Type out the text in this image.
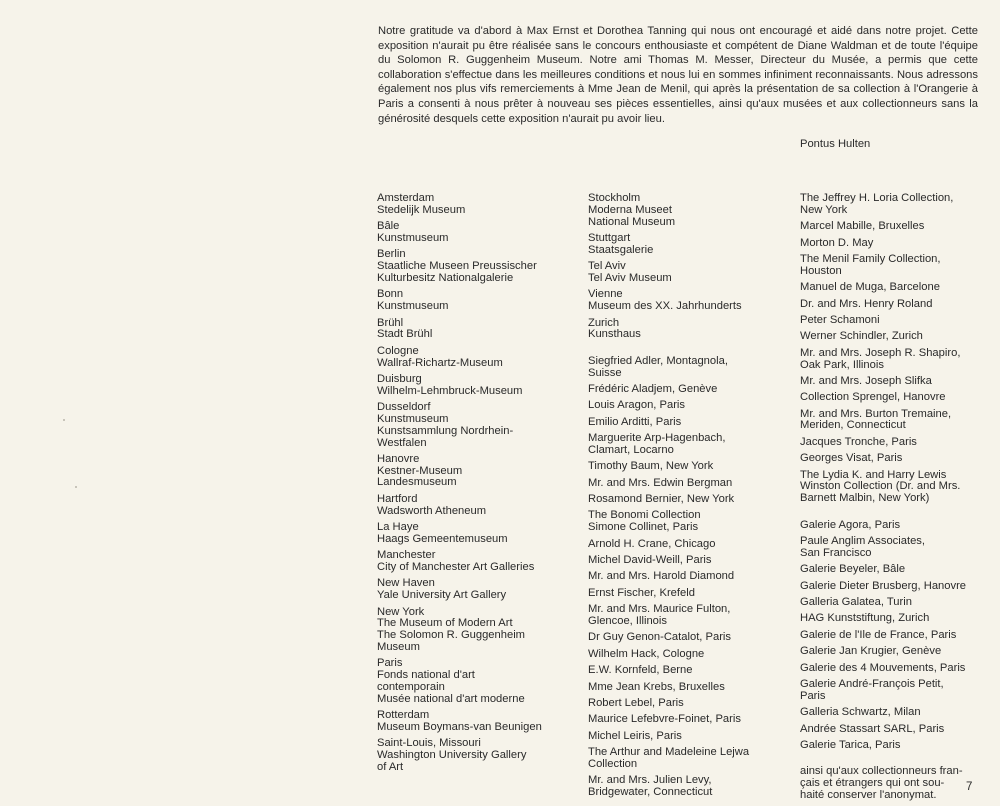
Notre gratitude va d'abord à Max Ernst et Dorothea Tanning qui nous ont encouragé et aidé dans notre projet. Cette exposition n'aurait pu être réalisée sans le concours enthousiaste et compétent de Diane Waldman et de toute l'équipe du Solomon R. Guggenheim Museum. Notre ami Thomas M. Messer, Directeur du Musée, a permis que cette collaboration s'effectue dans les meilleures conditions et nous lui en sommes infiniment reconnaissants. Nous adressons également nos plus vifs remerciements à Mme Jean de Menil, qui après la présentation de sa collection à l'Orangerie à Paris a consenti à nous prêter à nouveau ses pièces essentielles, ainsi qu'aux musées et aux collectionneurs sans la générosité desquels cette exposition n'aurait pu avoir lieu.

Pontus Hulten
Amsterdam
Stedelijk Museum
Bâle
Kunstmuseum
Berlin
Staatliche Museen Preussischer
Kulturbesitz Nationalgalerie
Bonn
Kunstmuseum
Brühl
Stadt Brühl
Cologne
Wallraf-Richartz-Museum
Duisburg
Wilhelm-Lehmbruck-Museum
Dusseldorf
Kunstmuseum
Kunstsammlung Nordrhein-
Westfalen
Hanovre
Kestner-Museum
Landesmuseum
Hartford
Wadsworth Atheneum
La Haye
Haags Gemeentemuseum
Manchester
City of Manchester Art Galleries
New Haven
Yale University Art Gallery
New York
The Museum of Modern Art
The Solomon R. Guggenheim
Museum
Paris
Fonds national d'art
contemporain
Musée national d'art moderne
Rotterdam
Museum Boymans-van Beunigen
Saint-Louis, Missouri
Washington University Gallery
of Art
Stockholm
Moderna Museet
National Museum
Stuttgart
Staatsgalerie
Tel Aviv
Tel Aviv Museum
Vienne
Museum des XX. Jahrhunderts
Zurich
Kunsthaus
Siegfried Adler, Montagnola,
Suisse
Frédéric Aladjem, Genève
Louis Aragon, Paris
Emilio Arditti, Paris
Marguerite Arp-Hagenbach,
Clamart, Locarno
Timothy Baum, New York
Mr. and Mrs. Edwin Bergman
Rosamond Bernier, New York
The Bonomi Collection
Simone Collinet, Paris
Arnold H. Crane, Chicago
Michel David-Weill, Paris
Mr. and Mrs. Harold Diamond
Ernst Fischer, Krefeld
Mr. and Mrs. Maurice Fulton,
Glencoe, Illinois
Dr Guy Genon-Catalot, Paris
Wilhelm Hack, Cologne
E.W. Kornfeld, Berne
Mme Jean Krebs, Bruxelles
Robert Lebel, Paris
Maurice Lefebvre-Foinet, Paris
Michel Leiris, Paris
The Arthur and Madeleine Lejwa
Collection
Mr. and Mrs. Julien Levy,
Bridgewater, Connecticut
The Jeffrey H. Loria Collection,
New York
Marcel Mabille, Bruxelles
Morton D. May
The Menil Family Collection,
Houston
Manuel de Muga, Barcelone
Dr. and Mrs. Henry Roland
Peter Schamoni
Werner Schindler, Zurich
Mr. and Mrs. Joseph R. Shapiro,
Oak Park, Illinois
Mr. and Mrs. Joseph Slifka
Collection Sprengel, Hanovre
Mr. and Mrs. Burton Tremaine,
Meriden, Connecticut
Jacques Tronche, Paris
Georges Visat, Paris
The Lydia K. and Harry Lewis
Winston Collection (Dr. and Mrs.
Barnett Malbin, New York)
Galerie Agora, Paris
Paule Anglim Associates,
San Francisco
Galerie Beyeler, Bâle
Galerie Dieter Brusberg, Hanovre
Galleria Galatea, Turin
HAG Kunststiftung, Zurich
Galerie de l'Ile de France, Paris
Galerie Jan Krugier, Genève
Galerie des 4 Mouvements, Paris
Galerie André-François Petit,
Paris
Galleria Schwartz, Milan
Andrée Stassart SARL, Paris
Galerie Tarica, Paris
ainsi qu'aux collectionneurs fran-
çais et étrangers qui ont sou-
haité conserver l'anonymat.
7
